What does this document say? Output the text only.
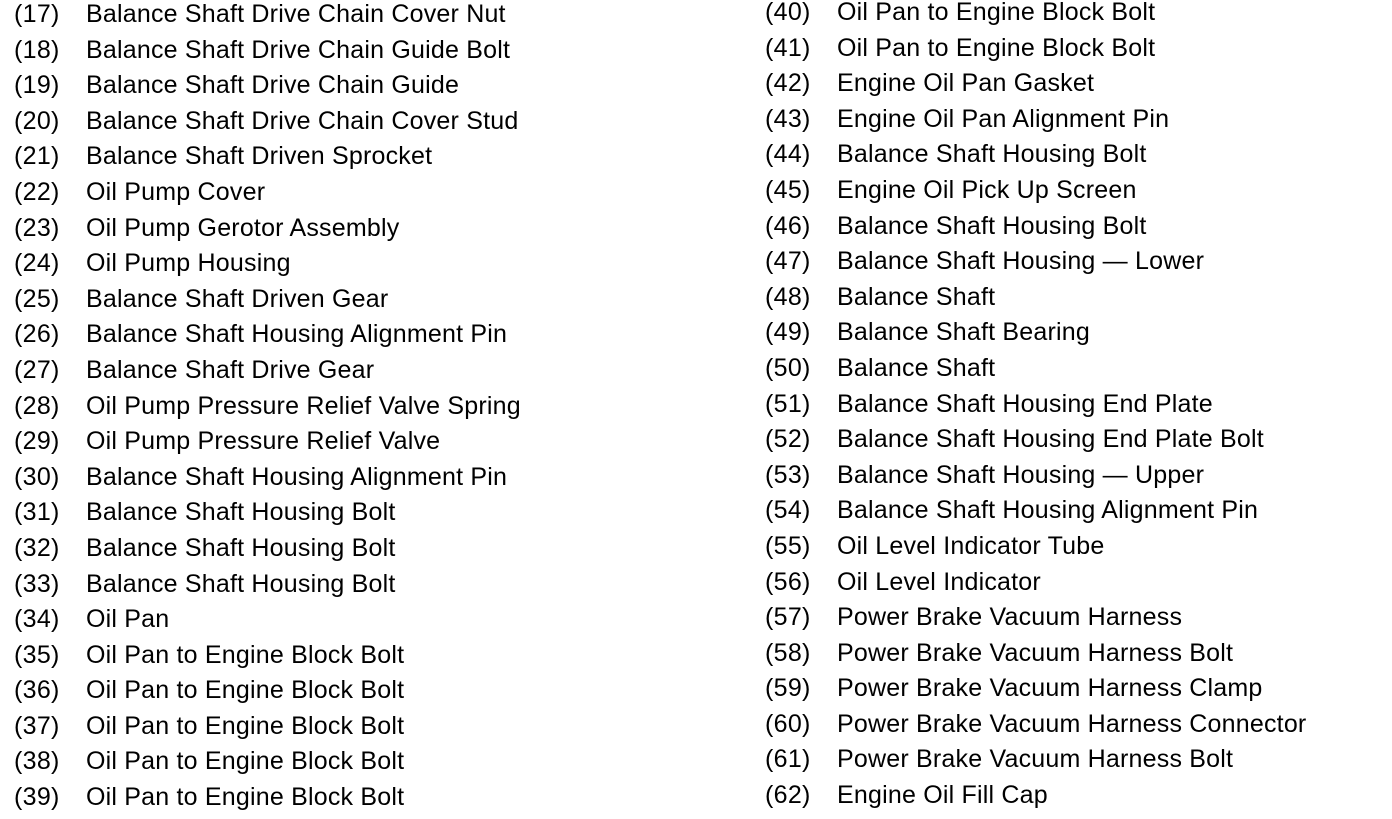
(17)	Balance Shaft Drive Chain Cover Nut
(18)	Balance Shaft Drive Chain Guide Bolt
(19)	Balance Shaft Drive Chain Guide
(20)	Balance Shaft Drive Chain Cover Stud
(21)	Balance Shaft Driven Sprocket
(22)	Oil Pump Cover
(23)	Oil Pump Gerotor Assembly
(24)	Oil Pump Housing
(25)	Balance Shaft Driven Gear
(26)	Balance Shaft Housing Alignment Pin
(27)	Balance Shaft Drive Gear
(28)	Oil Pump Pressure Relief Valve Spring
(29)	Oil Pump Pressure Relief Valve
(30)	Balance Shaft Housing Alignment Pin
(31)	Balance Shaft Housing Bolt
(32)	Balance Shaft Housing Bolt
(33)	Balance Shaft Housing Bolt
(34)	Oil Pan
(35)	Oil Pan to Engine Block Bolt
(36)	Oil Pan to Engine Block Bolt
(37)	Oil Pan to Engine Block Bolt
(38)	Oil Pan to Engine Block Bolt
(39)	Oil Pan to Engine Block Bolt
(40)	Oil Pan to Engine Block Bolt
(41)	Oil Pan to Engine Block Bolt
(42)	Engine Oil Pan Gasket
(43)	Engine Oil Pan Alignment Pin
(44)	Balance Shaft Housing Bolt
(45)	Engine Oil Pick Up Screen
(46)	Balance Shaft Housing Bolt
(47)	Balance Shaft Housing — Lower
(48)	Balance Shaft
(49)	Balance Shaft Bearing
(50)	Balance Shaft
(51)	Balance Shaft Housing End Plate
(52)	Balance Shaft Housing End Plate Bolt
(53)	Balance Shaft Housing — Upper
(54)	Balance Shaft Housing Alignment Pin
(55)	Oil Level Indicator Tube
(56)	Oil Level Indicator
(57)	Power Brake Vacuum Harness
(58)	Power Brake Vacuum Harness Bolt
(59)	Power Brake Vacuum Harness Clamp
(60)	Power Brake Vacuum Harness Connector
(61)	Power Brake Vacuum Harness Bolt
(62)	Engine Oil Fill Cap
